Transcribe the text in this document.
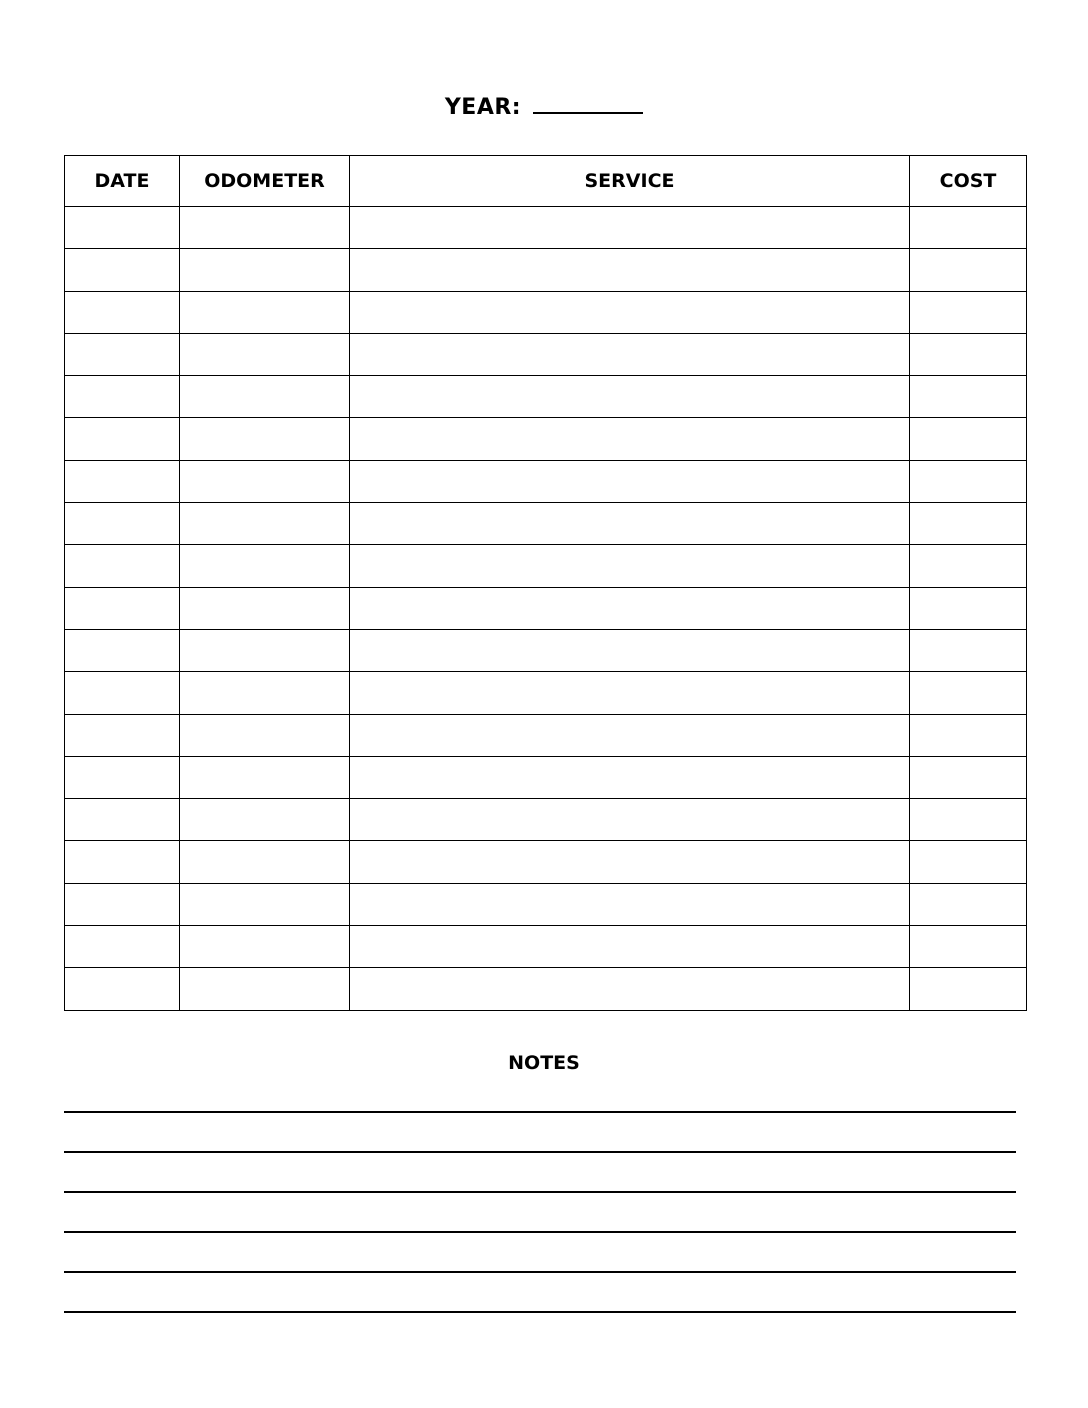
YEAR:
DATE	ODOMETER	SERVICE	COST

NOTES
